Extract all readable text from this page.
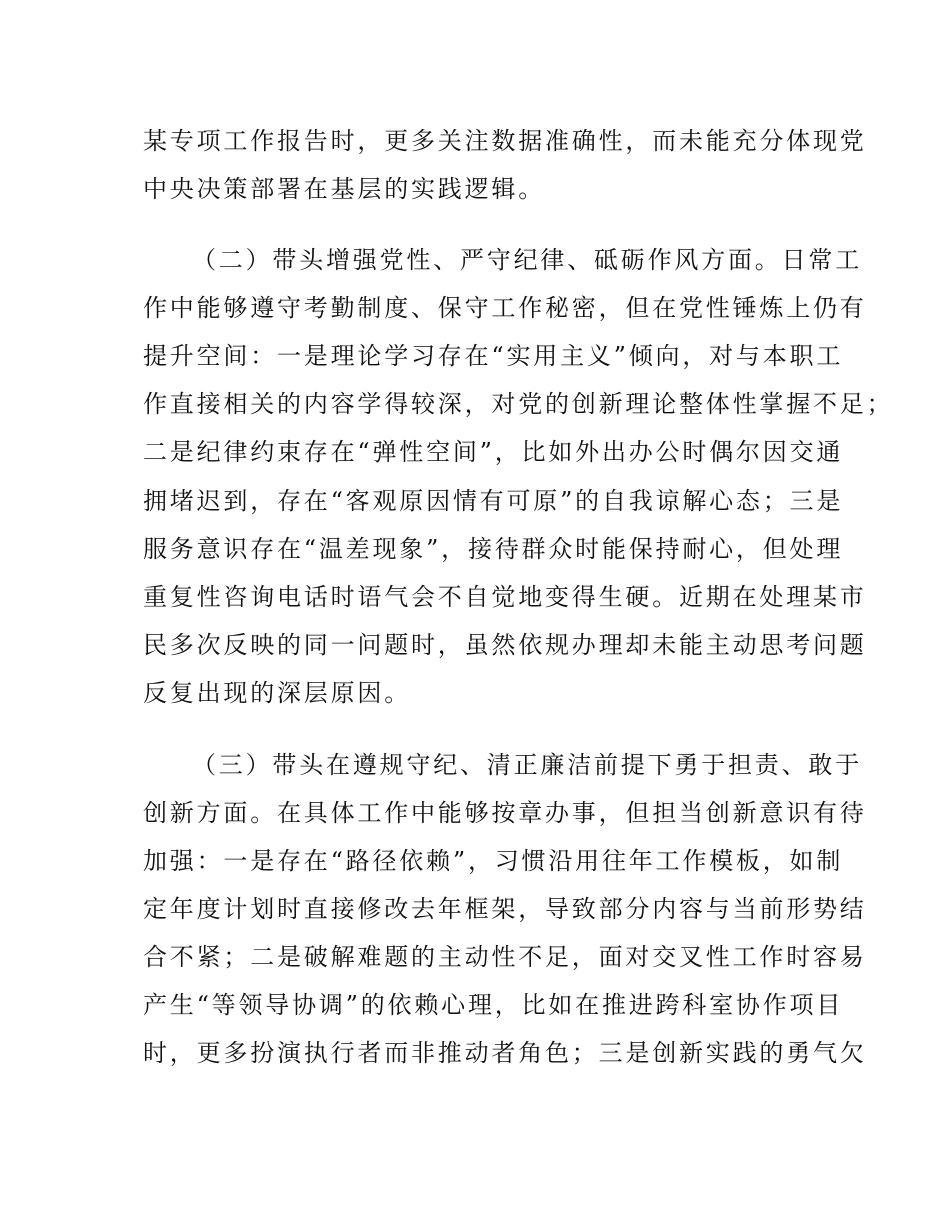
某专项工作报告时，更多关注数据准确性，而未能充分体现党
中央决策部署在基层的实践逻辑。
（二）带头增强党性、严守纪律、砥砺作风方面。日常工
作中能够遵守考勤制度、保守工作秘密，但在党性锤炼上仍有
提升空间：一是理论学习存在“实用主义”倾向，对与本职工
作直接相关的内容学得较深，对党的创新理论整体性掌握不足；
二是纪律约束存在“弹性空间”，比如外出办公时偶尔因交通
拥堵迟到，存在“客观原因情有可原”的自我谅解心态；三是
服务意识存在“温差现象”，接待群众时能保持耐心，但处理
重复性咨询电话时语气会不自觉地变得生硬。近期在处理某市
民多次反映的同一问题时，虽然依规办理却未能主动思考问题
反复出现的深层原因。
（三）带头在遵规守纪、清正廉洁前提下勇于担责、敢于
创新方面。在具体工作中能够按章办事，但担当创新意识有待
加强：一是存在“路径依赖”，习惯沿用往年工作模板，如制
定年度计划时直接修改去年框架，导致部分内容与当前形势结
合不紧；二是破解难题的主动性不足，面对交叉性工作时容易
产生“等领导协调”的依赖心理，比如在推进跨科室协作项目
时，更多扮演执行者而非推动者角色；三是创新实践的勇气欠
